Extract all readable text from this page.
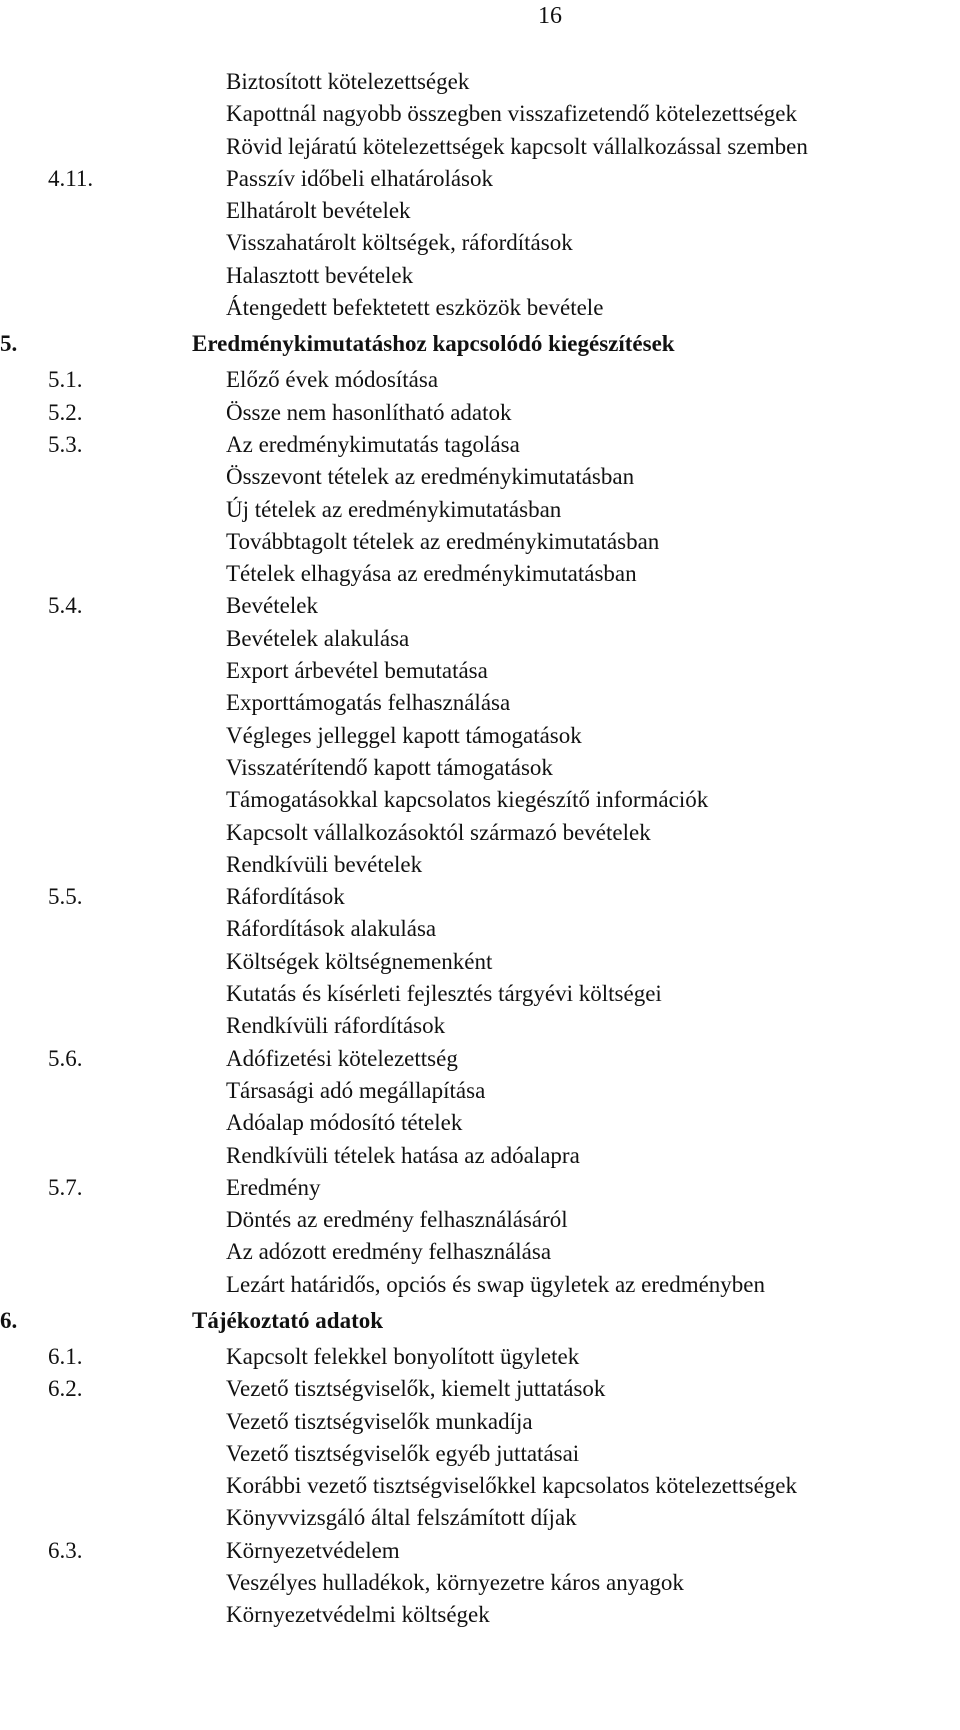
16
Biztosított kötelezettségek
Kapottnál nagyobb összegben visszafizetendő kötelezettségek
Rövid lejáratú kötelezettségek kapcsolt vállalkozással szemben
4.11.	Passzív időbeli elhatárolások
Elhatárolt bevételek
Visszahatárolt költségek, ráfordítások
Halasztott bevételek
Átengedett befektetett eszközök bevétele
5.	Eredménykimutatáshoz kapcsolódó kiegészítések
5.1.	Előző évek módosítása
5.2.	Össze nem hasonlítható adatok
5.3.	Az eredménykimutatás tagolása
Összevont tételek az eredménykimutatásban
Új tételek az eredménykimutatásban
Továbbtagolt tételek az eredménykimutatásban
Tételek elhagyása az eredménykimutatásban
5.4.	Bevételek
Bevételek alakulása
Export árbevétel bemutatása
Exporttámogatás felhasználása
Végleges jelleggel kapott támogatások
Visszatérítendő kapott támogatások
Támogatásokkal kapcsolatos kiegészítő információk
Kapcsolt vállalkozásoktól származó bevételek
Rendkívüli bevételek
5.5.	Ráfordítások
Ráfordítások alakulása
Költségek költségnemenként
Kutatás és kísérleti fejlesztés tárgyévi költségei
Rendkívüli ráfordítások
5.6.	Adófizetési kötelezettség
Társasági adó megállapítása
Adóalap módosító tételek
Rendkívüli tételek hatása az adóalapra
5.7.	Eredmény
Döntés az eredmény felhasználásáról
Az adózott eredmény felhasználása
Lezárt határidős, opciós és swap ügyletek az eredményben
6.	Tájékoztató adatok
6.1.	Kapcsolt felekkel bonyolított ügyletek
6.2.	Vezető tisztségviselők, kiemelt juttatások
Vezető tisztségviselők munkadíja
Vezető tisztségviselők egyéb juttatásai
Korábbi vezető tisztségviselőkkel kapcsolatos kötelezettségek
Könyvvizsgáló által felszámított díjak
6.3.	Környezetvédelem
Veszélyes hulladékok, környezetre káros anyagok
Környezetvédelmi költségek
